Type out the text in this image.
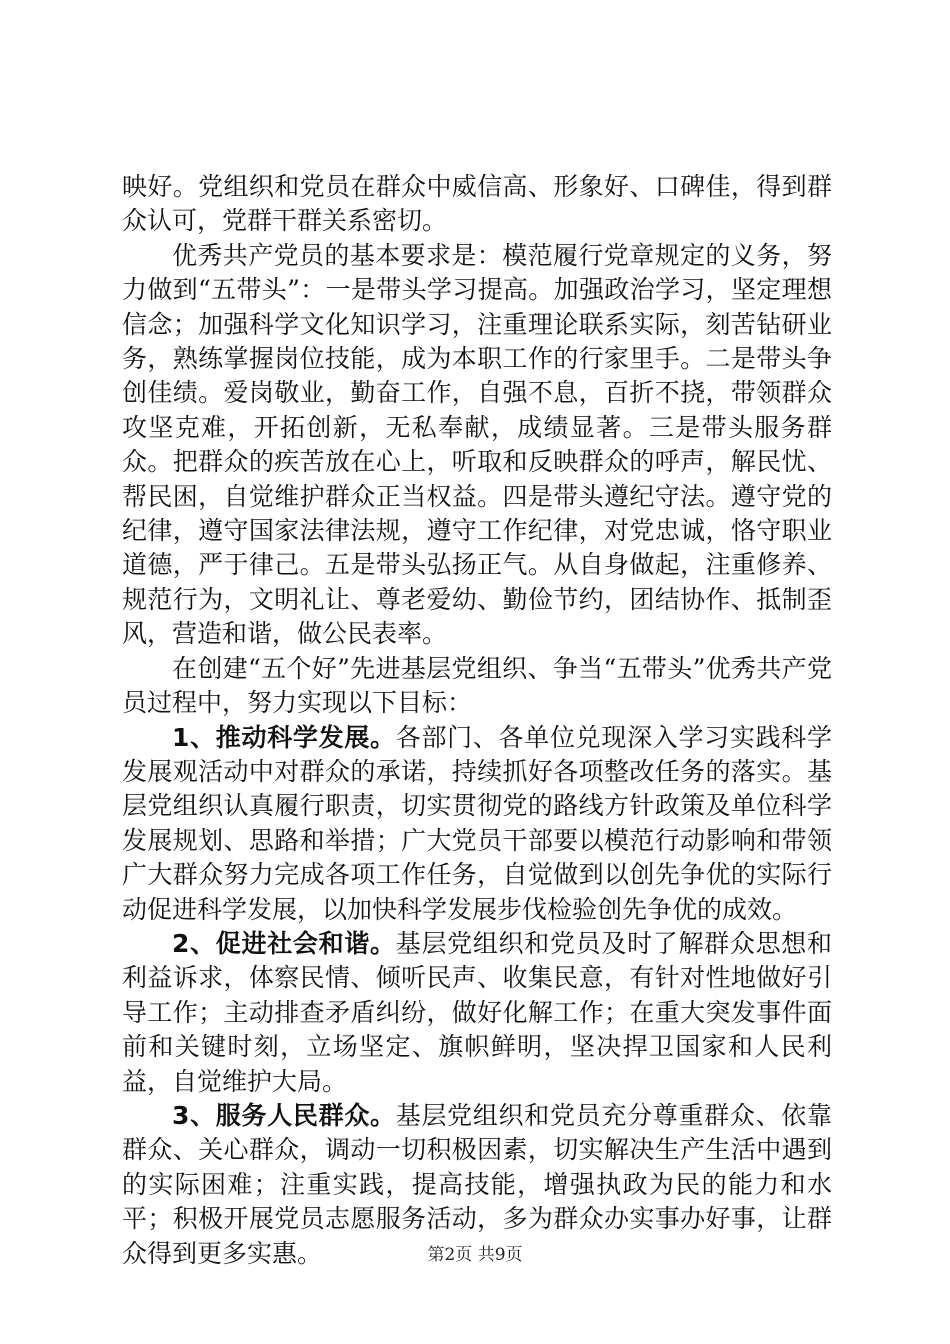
映好。党组织和党员在群众中威信高、形象好、口碑佳，得到群众认可，党群干群关系密切。

优秀共产党员的基本要求是：模范履行党章规定的义务，努力做到“五带头”：一是带头学习提高。加强政治学习，坚定理想信念；加强科学文化知识学习，注重理论联系实际，刻苦钻研业务，熟练掌握岗位技能，成为本职工作的行家里手。二是带头争创佳绩。爱岗敬业，勤奋工作，自强不息，百折不挠，带领群众攻坚克难，开拓创新，无私奉献，成绩显著。三是带头服务群众。把群众的疾苦放在心上，听取和反映群众的呼声，解民忧、帮民困，自觉维护群众正当权益。四是带头遵纪守法。遵守党的纪律，遵守国家法律法规，遵守工作纪律，对党忠诚，恪守职业道德，严于律己。五是带头弘扬正气。从自身做起，注重修养、规范行为，文明礼让、尊老爱幼、勤俭节约，团结协作、抵制歪风，营造和谐，做公民表率。

在创建“五个好”先进基层党组织、争当“五带头”优秀共产党员过程中，努力实现以下目标：

1、推动科学发展。各部门、各单位兑现深入学习实践科学发展观活动中对群众的承诺，持续抓好各项整改任务的落实。基层党组织认真履行职责，切实贯彻党的路线方针政策及单位科学发展规划、思路和举措；广大党员干部要以模范行动影响和带领广大群众努力完成各项工作任务，自觉做到以创先争优的实际行动促进科学发展，以加快科学发展步伐检验创先争优的成效。

2、促进社会和谐。基层党组织和党员及时了解群众思想和利益诉求，体察民情、倾听民声、收集民意，有针对性地做好引导工作；主动排查矛盾纠纷，做好化解工作；在重大突发事件面前和关键时刻，立场坚定、旗帜鲜明，坚决捍卫国家和人民利益，自觉维护大局。

3、服务人民群众。基层党组织和党员充分尊重群众、依靠群众、关心群众，调动一切积极因素，切实解决生产生活中遇到的实际困难；注重实践，提高技能，增强执政为民的能力和水平；积极开展党员志愿服务活动，多为群众办实事办好事，让群众得到更多实惠。	第2页 共9页
